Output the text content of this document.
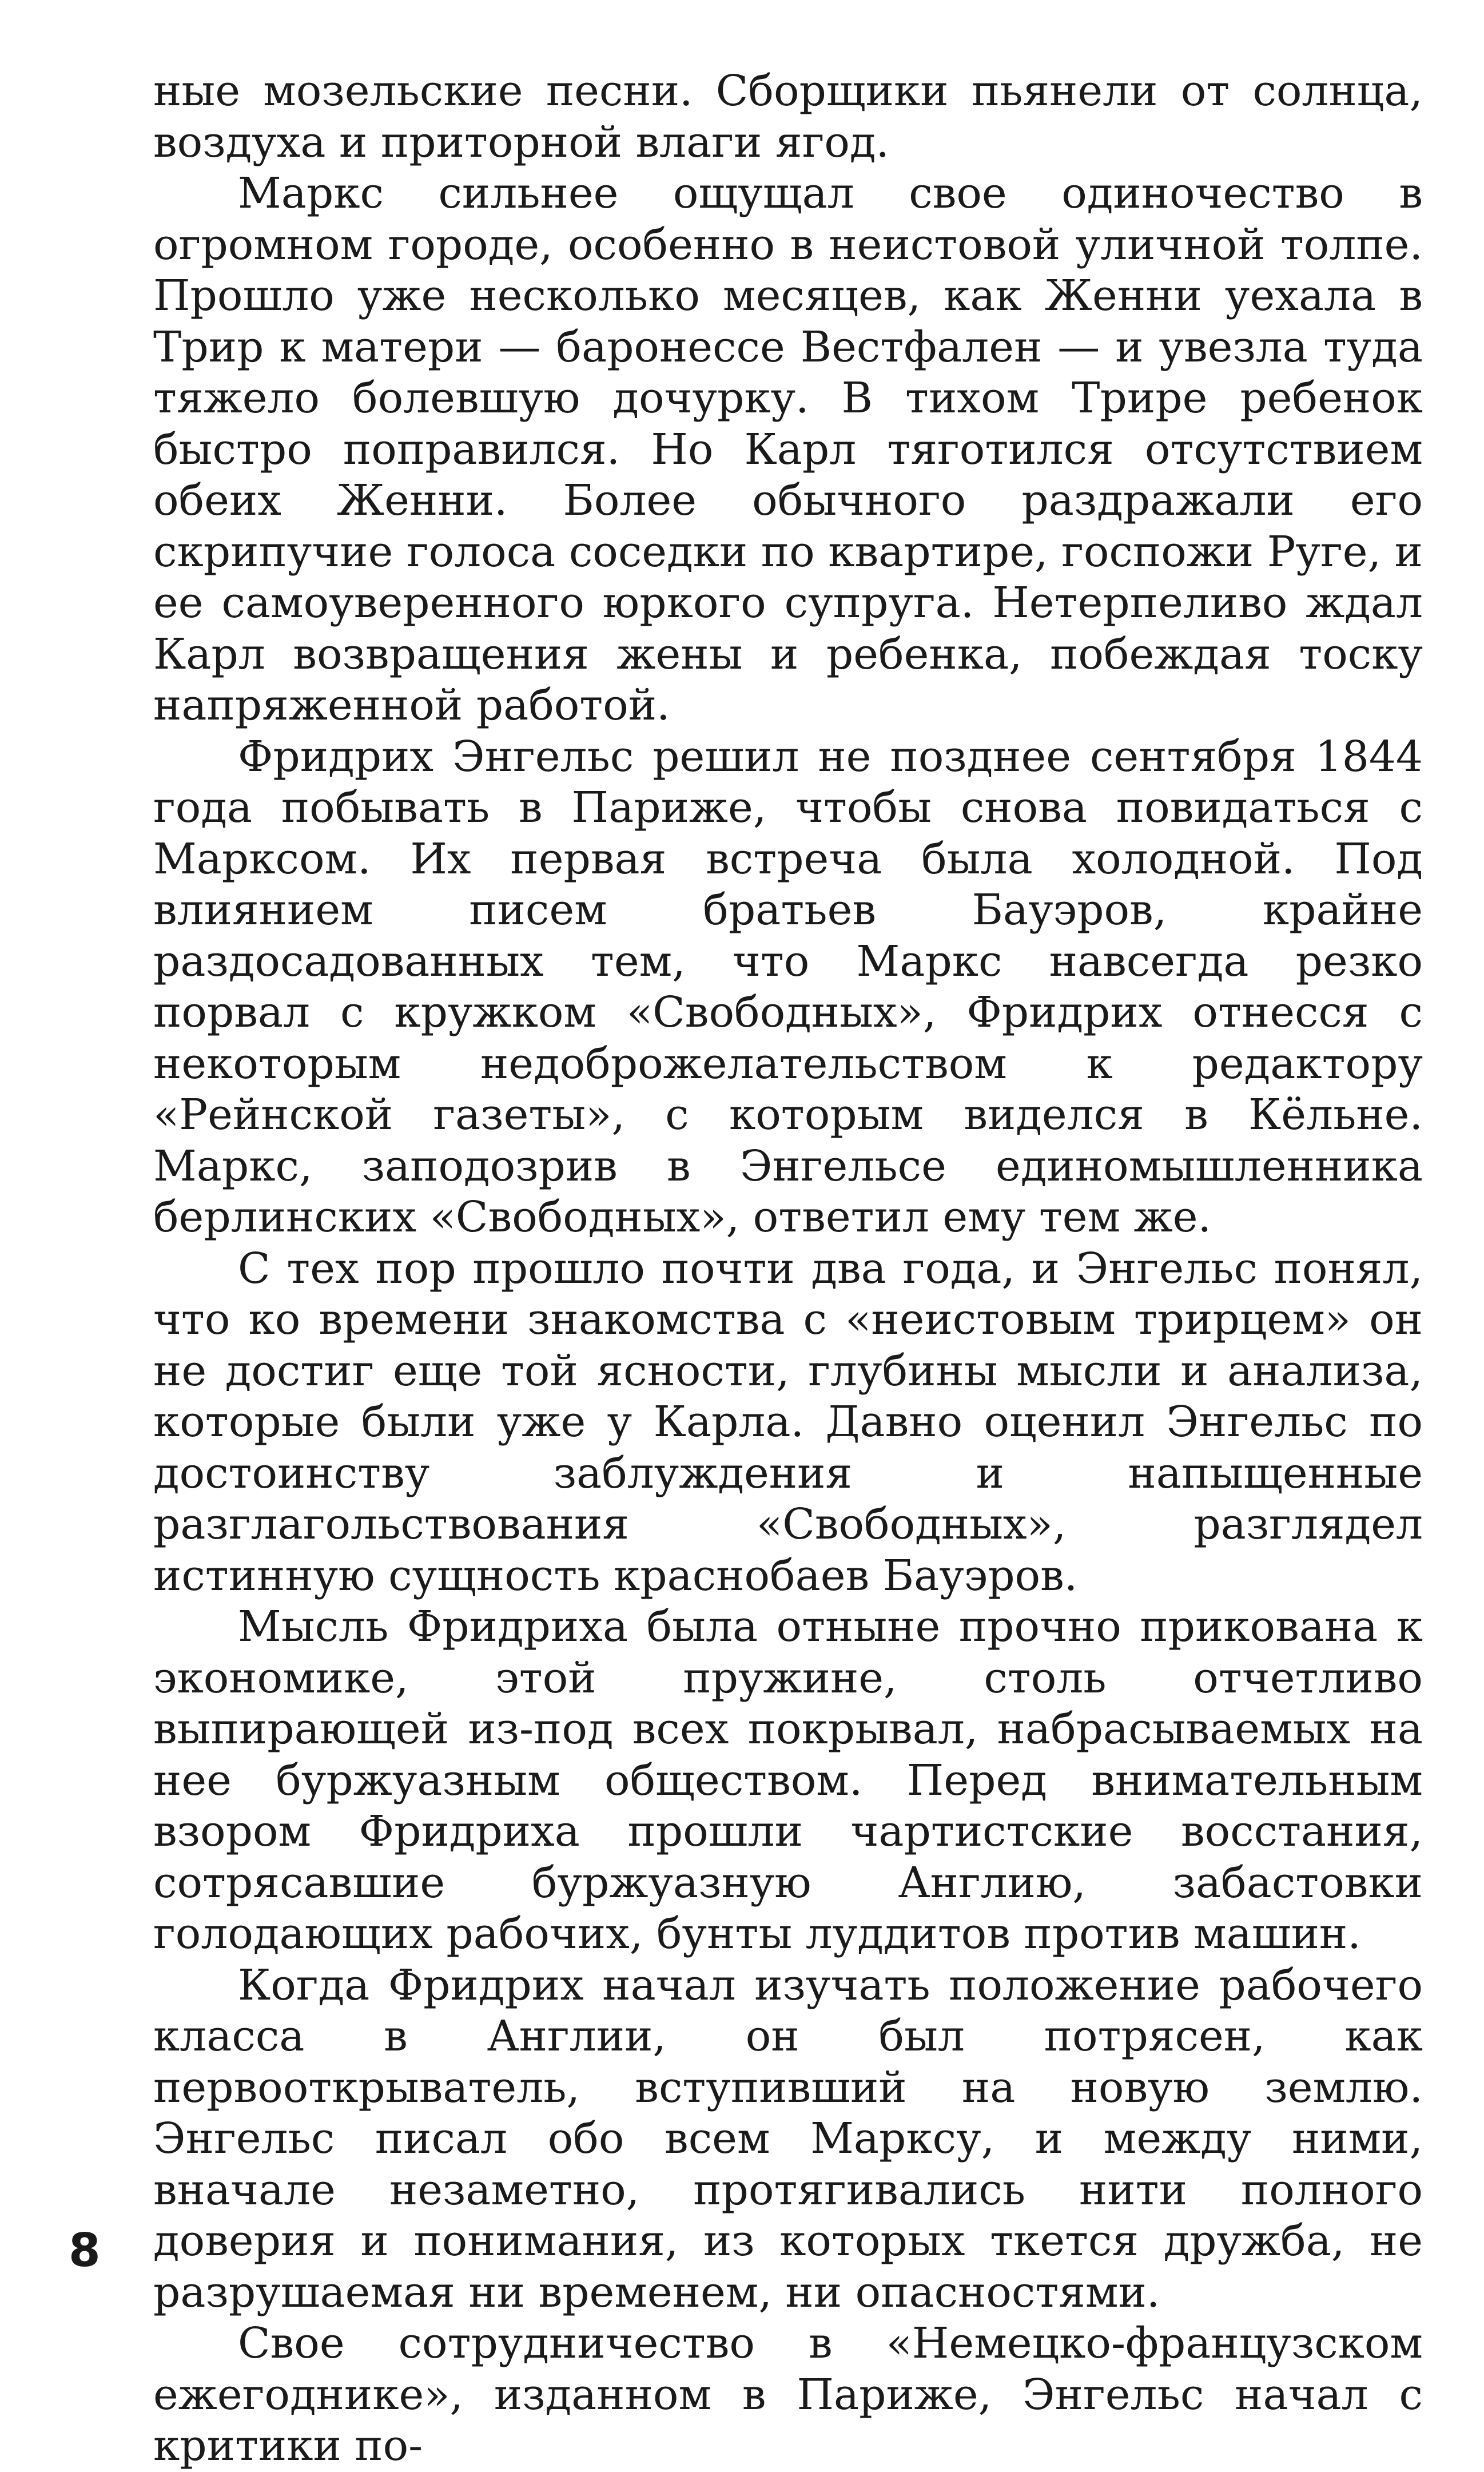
ные мозельские песни. Сборщики пьянели от солнца, воздуха и приторной влаги ягод.

Маркс сильнее ощущал свое одиночество в огромном городе, особенно в неистовой уличной толпе. Прошло уже несколько месяцев, как Женни уехала в Трир к матери — баронессе Вестфален — и увезла туда тяжело болевшую дочурку. В тихом Трире ребенок быстро поправился. Но Карл тяготился отсутствием обеих Женни. Более обычного раздражали его скрипучие голоса соседки по квартире, госпожи Руге, и ее самоуверенного юркого супруга. Нетерпеливо ждал Карл возвращения жены и ребенка, побеждая тоску напряженной работой.

Фридрих Энгельс решил не позднее сентября 1844 года побывать в Париже, чтобы снова повидаться с Марксом. Их первая встреча была холодной. Под влиянием писем братьев Бауэров, крайне раздосадованных тем, что Маркс навсегда резко порвал с кружком «Свободных», Фридрих отнесся с некоторым недоброжелательством к редактору «Рейнской газеты», с которым виделся в Кёльне. Маркс, заподозрив в Энгельсе единомышленника берлинских «Свободных», ответил ему тем же.

С тех пор прошло почти два года, и Энгельс понял, что ко времени знакомства с «неистовым трирцем» он не достиг еще той ясности, глубины мысли и анализа, которые были уже у Карла. Давно оценил Энгельс по достоинству заблуждения и напыщенные разглагольствования «Свободных», разглядел истинную сущность краснобаев Бауэров.

Мысль Фридриха была отныне прочно прикована к экономике, этой пружине, столь отчетливо выпирающей из-под всех покрывал, набрасываемых на нее буржуазным обществом. Перед внимательным взором Фридриха прошли чартистские восстания, сотрясавшие буржуазную Англию, забастовки голодающих рабочих, бунты луддитов против машин.

Когда Фридрих начал изучать положение рабочего класса в Англии, он был потрясен, как первооткрыватель, вступивший на новую землю. Энгельс писал обо всем Марксу, и между ними, вначале незаметно, протягивались нити полного доверия и понимания, из которых ткется дружба, не разрушаемая ни временем, ни опасностями.

Свое сотрудничество в «Немецко-французском ежегоднике», изданном в Париже, Энгельс начал с критики по-

8
